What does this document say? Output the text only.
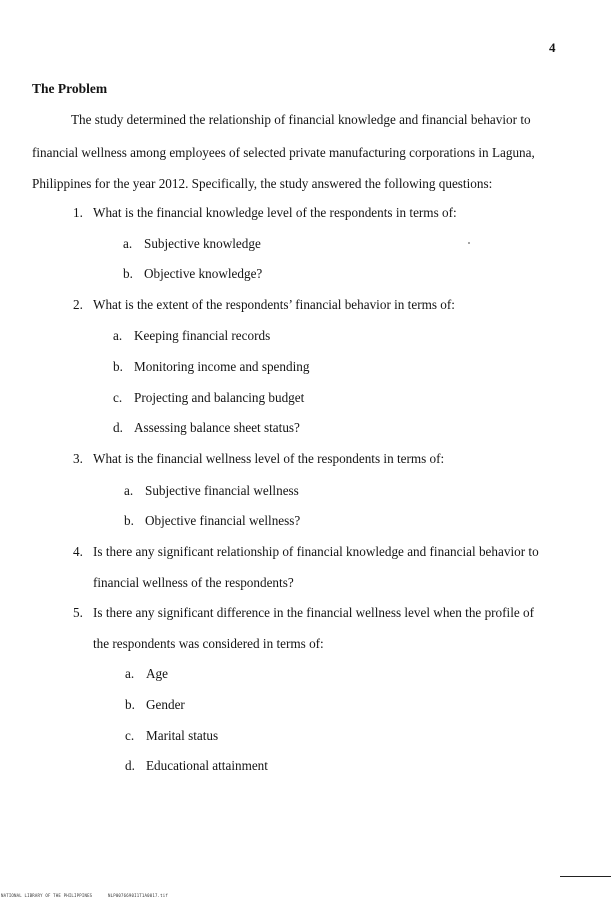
4
The Problem
The study determined the relationship of financial knowledge and financial behavior to
financial wellness among employees of selected private manufacturing corporations in Laguna,
Philippines for the year 2012. Specifically, the study answered the following questions:
1. What is the financial knowledge level of the respondents in terms of:
a. Subjective knowledge
b. Objective knowledge?
2. What is the extent of the respondents’ financial behavior in terms of:
a. Keeping financial records
b. Monitoring income and spending
c. Projecting and balancing budget
d. Assessing balance sheet status?
3. What is the financial wellness level of the respondents in terms of:
a. Subjective financial wellness
b. Objective financial wellness?
4. Is there any significant relationship of financial knowledge and financial behavior to
financial wellness of the respondents?
5. Is there any significant difference in the financial wellness level when the profile of
the respondents was considered in terms of:
a. Age
b. Gender
c. Marital status
d. Educational attainment
NATIONAL LIBRARY OF THE PHILIPPINES	NLP0076690I1T1A0017.tif
